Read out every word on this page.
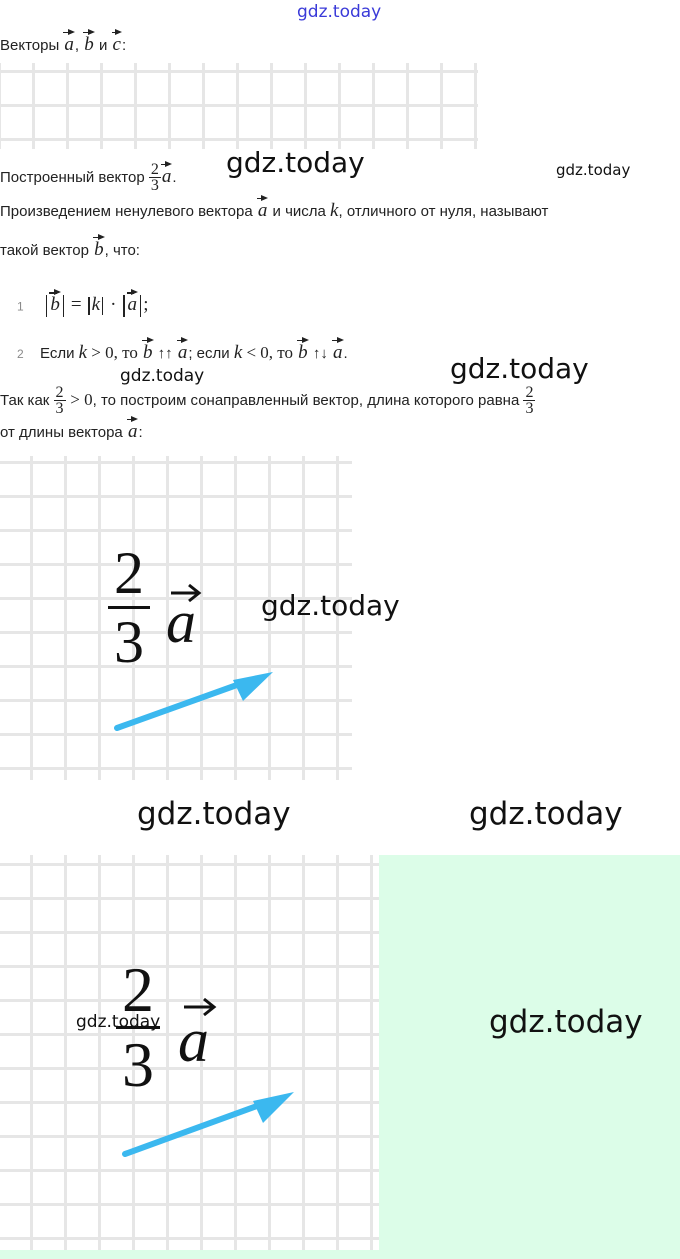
gdz.today
Векторы a, b и c:
Построенный вектор $\frac{2}{3} a$. gdz.today	gdz.today
Произведением ненулевого вектора a и числа k, отличного от нуля, называют
такой вектор b, что:
1 b = k · a ;
2 Если k > 0, то b ↑↑ a; если k < 0, то b ↑↓ a.	gdz.today
gdz.today
Так как $\frac{2}{3} > 0$, то построим сонаправленный вектор, длина которого равна $\frac{2}{3}$
от длины вектора a:
$\frac{2}{3}$ a gdz.today
gdz.today	gdz.today
$\frac{2}{3}$ a
gdz.today	gdz.today
